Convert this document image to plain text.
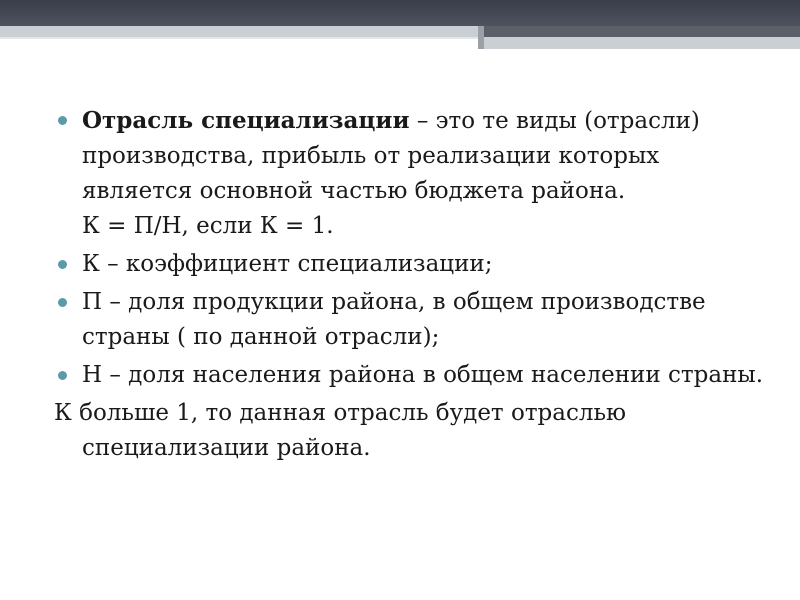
Отрасль специализации – это те виды (отрасли) производства, прибыль от реализации которых является основной частью бюджета района.
К = П/Н, если К = 1.
К – коэффициент специализации;
П – доля продукции района, в общем производстве страны ( по данной отрасли);
Н – доля населения района в общем населении страны.
К больше 1, то данная отрасль будет отраслью
специализации района.
